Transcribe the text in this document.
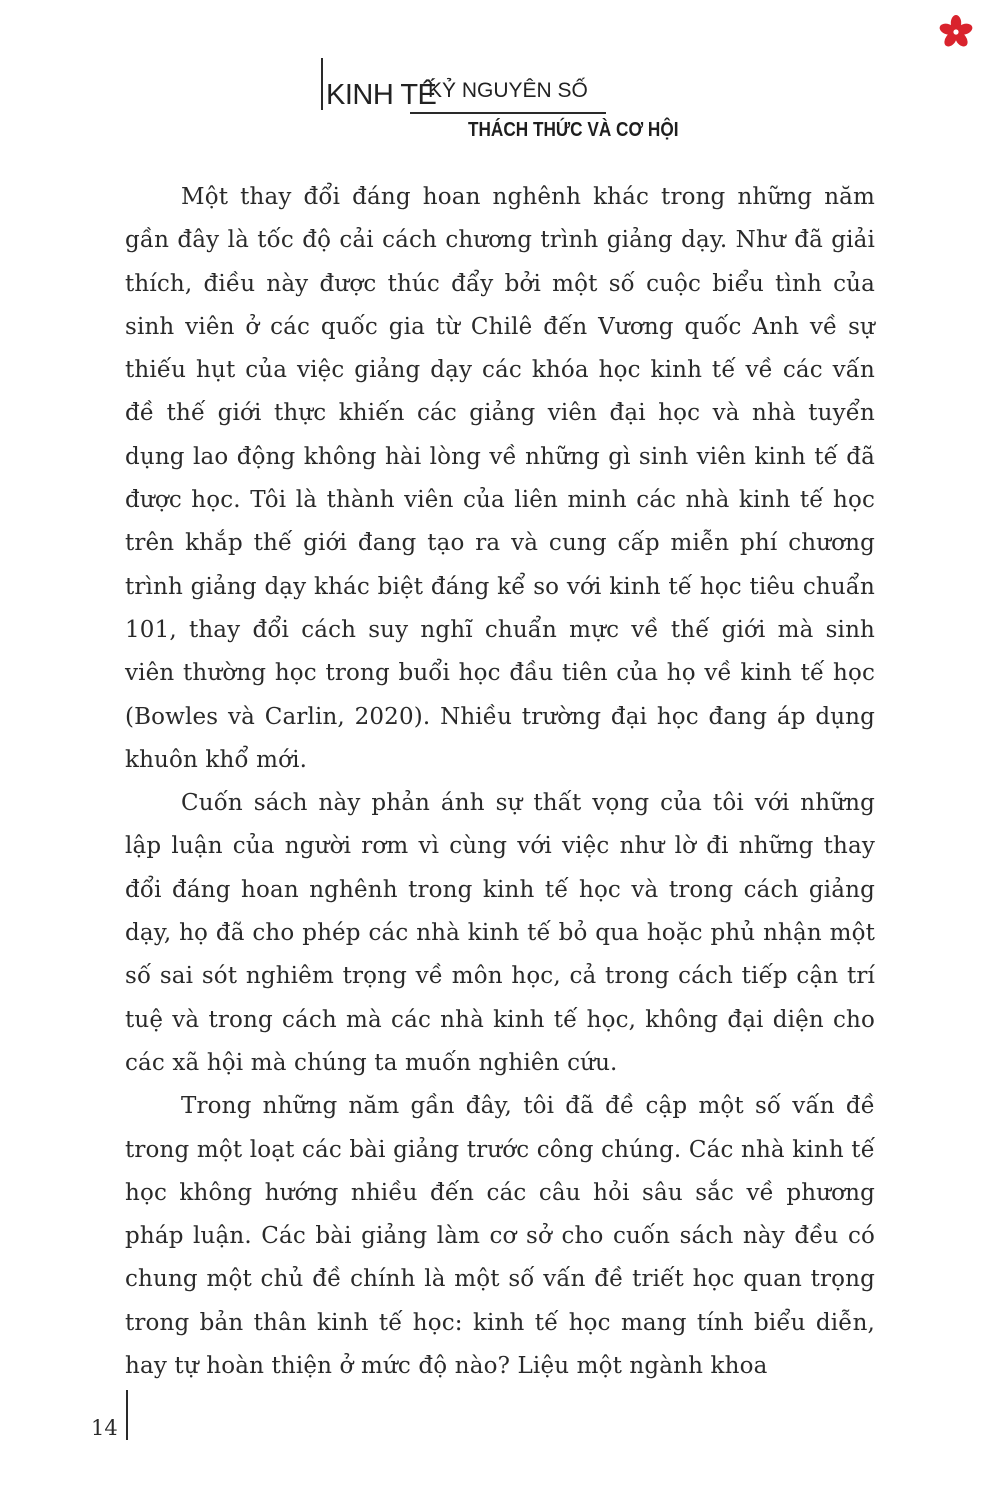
KINH TẾ
KỶ NGUYÊN SỐ
THÁCH THỨC VÀ CƠ HỘI

Một thay đổi đáng hoan nghênh khác trong những năm gần đây là tốc độ cải cách chương trình giảng dạy. Như đã giải thích, điều này được thúc đẩy bởi một số cuộc biểu tình của sinh viên ở các quốc gia từ Chilê đến Vương quốc Anh về sự thiếu hụt của việc giảng dạy các khóa học kinh tế về các vấn đề thế giới thực khiến các giảng viên đại học và nhà tuyển dụng lao động không hài lòng về những gì sinh viên kinh tế đã được học. Tôi là thành viên của liên minh các nhà kinh tế học trên khắp thế giới đang tạo ra và cung cấp miễn phí chương trình giảng dạy khác biệt đáng kể so với kinh tế học tiêu chuẩn 101, thay đổi cách suy nghĩ chuẩn mực về thế giới mà sinh viên thường học trong buổi học đầu tiên của họ về kinh tế học (Bowles và Carlin, 2020). Nhiều trường đại học đang áp dụng khuôn khổ mới.

Cuốn sách này phản ánh sự thất vọng của tôi với những lập luận của người rơm vì cùng với việc như lờ đi những thay đổi đáng hoan nghênh trong kinh tế học và trong cách giảng dạy, họ đã cho phép các nhà kinh tế bỏ qua hoặc phủ nhận một số sai sót nghiêm trọng về môn học, cả trong cách tiếp cận trí tuệ và trong cách mà các nhà kinh tế học, không đại diện cho các xã hội mà chúng ta muốn nghiên cứu.

Trong những năm gần đây, tôi đã đề cập một số vấn đề trong một loạt các bài giảng trước công chúng. Các nhà kinh tế học không hướng nhiều đến các câu hỏi sâu sắc về phương pháp luận. Các bài giảng làm cơ sở cho cuốn sách này đều có chung một chủ đề chính là một số vấn đề triết học quan trọng trong bản thân kinh tế học: kinh tế học mang tính biểu diễn, hay tự hoàn thiện ở mức độ nào? Liệu một ngành khoa

14
